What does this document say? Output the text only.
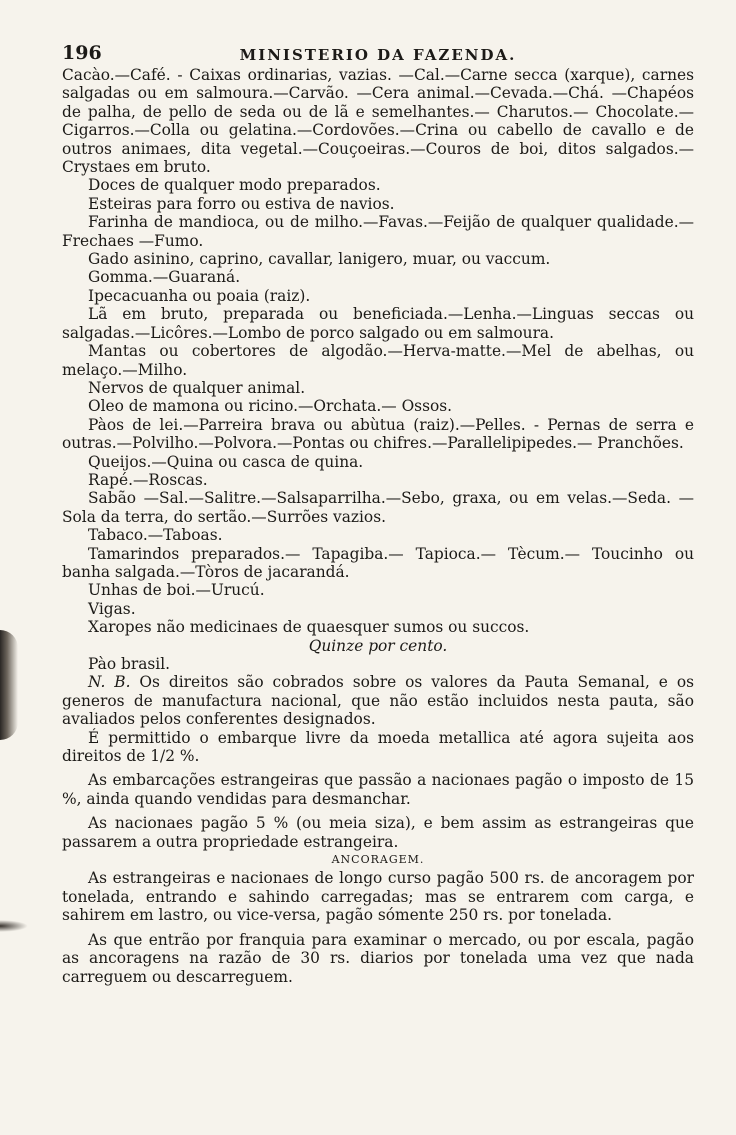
196	MINISTERIO DA FAZENDA.

Cacào.—Café. - Caixas ordinarias, vazias. —Cal.—Carne secca (xarque), carnes salgadas ou em salmoura.—Carvão. —Cera animal.—Cevada.—Chá. —Chapéos de palha, de pello de seda ou de lã e semelhantes.— Charutos.— Chocolate.—Cigarros.—Colla ou gelatina.—Cordovões.—Crina ou cabello de cavallo e de outros animaes, dita vegetal.—Couçoeiras.—Couros de boi, ditos salgados.—Crystaes em bruto.

Doces de qualquer modo preparados.

Esteiras para forro ou estiva de navios.

Farinha de mandioca, ou de milho.—Favas.—Feijão de qualquer qualidade.—Frechaes —Fumo.

Gado asinino, caprino, cavallar, lanigero, muar, ou vaccum.

Gomma.—Guaraná.

Ipecacuanha ou poaia (raiz).

Lã em bruto, preparada ou beneficiada.—Lenha.—Linguas seccas ou salgadas.—Licôres.—Lombo de porco salgado ou em salmoura.

Mantas ou cobertores de algodão.—Herva-matte.—Mel de abelhas, ou melaço.—Milho.

Nervos de qualquer animal.

Oleo de mamona ou ricino.—Orchata.— Ossos.

Pàos de lei.—Parreira brava ou abùtua (raiz).—Pelles. - Pernas de serra e outras.—Polvilho.—Polvora.—Pontas ou chifres.—Parallelipipedes.— Pranchões.

Queijos.—Quina ou casca de quina.

Rapé.—Roscas.

Sabão —Sal.—Salitre.—Salsaparrilha.—Sebo, graxa, ou em velas.—Seda. —Sola da terra, do sertão.—Surrões vazios.

Tabaco.—Taboas.

Tamarindos preparados.— Tapagiba.— Tapioca.— Tècum.— Toucinho ou banha salgada.—Tòros de jacarandá.

Unhas de boi.—Urucú.

Vigas.

Xaropes não medicinaes de quaesquer sumos ou succos.

Quinze por cento.

Pào brasil.

N. B. Os direitos são cobrados sobre os valores da Pauta Semanal, e os generos de manufactura nacional, que não estão incluidos nesta pauta, são avaliados pelos conferentes designados.

É permittido o embarque livre da moeda metallica até agora sujeita aos direitos de 1/2 %.

As embarcações estrangeiras que passão a nacionaes pagão o imposto de 15 %, ainda quando vendidas para desmanchar.

As nacionaes pagão 5 % (ou meia siza), e bem assim as estrangeiras que passarem a outra propriedade estrangeira.

ANCORAGEM.

As estrangeiras e nacionaes de longo curso pagão 500 rs. de ancoragem por tonelada, entrando e sahindo carregadas; mas se entrarem com carga, e sahirem em lastro, ou vice-versa, pagão sómente 250 rs. por tonelada.

As que entrão por franquia para examinar o mercado, ou por escala, pagão as ancoragens na razão de 30 rs. diarios por tonelada uma vez que nada carreguem ou descarreguem.
